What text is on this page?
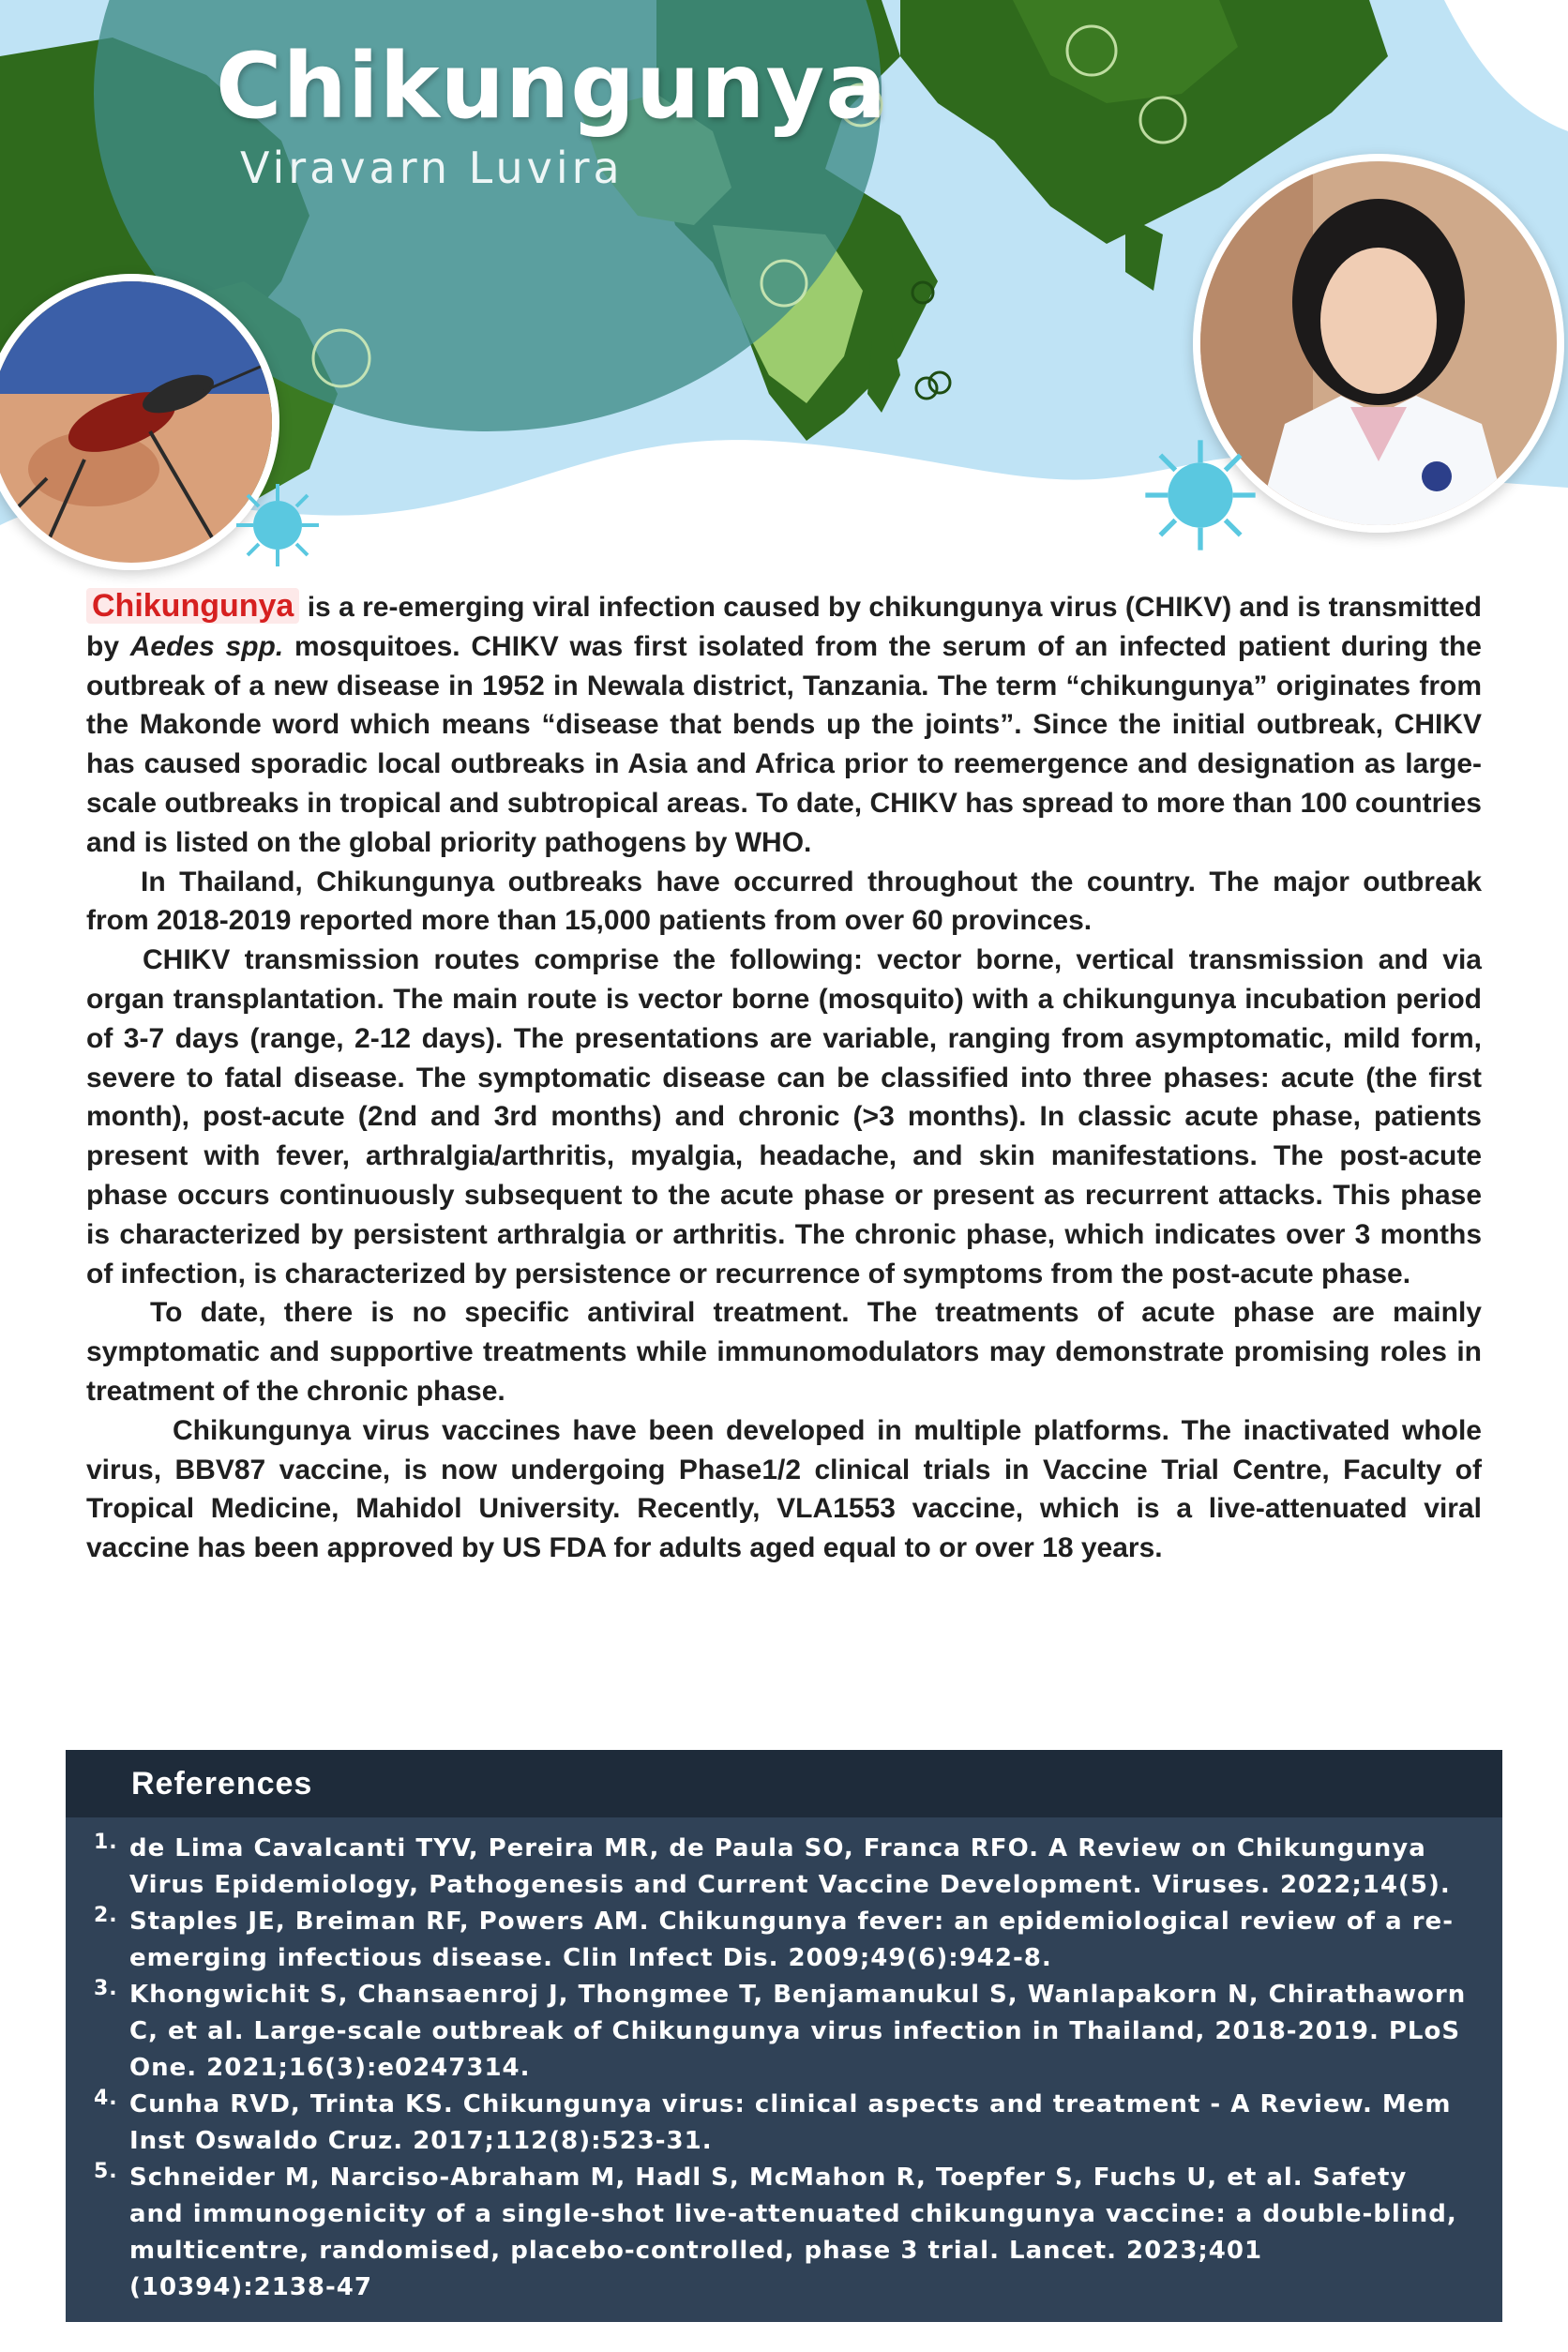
Chikungunya
Viravarn Luvira

Chikungunya is a re-emerging viral infection caused by chikungunya virus (CHIKV) and is transmitted by Aedes spp. mosquitoes. CHIKV was first isolated from the serum of an infected patient during the outbreak of a new disease in 1952 in Newala district, Tanzania. The term “chikungunya” originates from the Makonde word which means “disease that bends up the joints”. Since the initial outbreak, CHIKV has caused sporadic local outbreaks in Asia and Africa prior to reemergence and designation as large- scale outbreaks in tropical and subtropical areas. To date, CHIKV has spread to more than 100 countries and is listed on the global priority pathogens by WHO.

In Thailand, Chikungunya outbreaks have occurred throughout the country. The major outbreak from 2018-2019 reported more than 15,000 patients from over 60 provinces.

CHIKV transmission routes comprise the following: vector borne, vertical transmission and via organ transplantation. The main route is vector borne (mosquito) with a chikungunya incubation period of 3-7 days (range, 2-12 days). The presentations are variable, ranging from asymptomatic, mild form, severe to fatal disease. The symptomatic disease can be classified into three phases: acute (the first month), post-acute (2nd and 3rd months) and chronic (>3 months). In classic acute phase, patients present with fever, arthralgia/arthritis, myalgia, headache, and skin manifestations. The post-acute phase occurs continuously subsequent to the acute phase or present as recurrent attacks. This phase is characterized by persistent arthralgia or arthritis. The chronic phase, which indicates over 3 months of infection, is characterized by persistence or recurrence of symptoms from the post-acute phase.

To date, there is no specific antiviral treatment. The treatments of acute phase are mainly symptomatic and supportive treatments while immunomodulators may demonstrate promising roles in treatment of the chronic phase.

Chikungunya virus vaccines have been developed in multiple platforms. The inactivated whole virus, BBV87 vaccine, is now undergoing Phase1/2 clinical trials in Vaccine Trial Centre, Faculty of Tropical Medicine, Mahidol University. Recently, VLA1553 vaccine, which is a live-attenuated viral vaccine has been approved by US FDA for adults aged equal to or over 18 years.

References
1. de Lima Cavalcanti TYV, Pereira MR, de Paula SO, Franca RFO. A Review on Chikungunya Virus Epidemiology, Pathogenesis and Current Vaccine Development. Viruses. 2022;14(5).
2. Staples JE, Breiman RF, Powers AM. Chikungunya fever: an epidemiological review of a re-emerging infectious disease. Clin Infect Dis. 2009;49(6):942-8.
3. Khongwichit S, Chansaenroj J, Thongmee T, Benjamanukul S, Wanlapakorn N, Chirathaworn C, et al. Large-scale outbreak of Chikungunya virus infection in Thailand, 2018-2019. PLoS One. 2021;16(3):e0247314.
4. Cunha RVD, Trinta KS. Chikungunya virus: clinical aspects and treatment - A Review. Mem Inst Oswaldo Cruz. 2017;112(8):523-31.
5. Schneider M, Narciso-Abraham M, Hadl S, McMahon R, Toepfer S, Fuchs U, et al. Safety and immunogenicity of a single-shot live-attenuated chikungunya vaccine: a double-blind, multicentre, randomised, placebo-controlled, phase 3 trial. Lancet. 2023;401 (10394):2138-47
